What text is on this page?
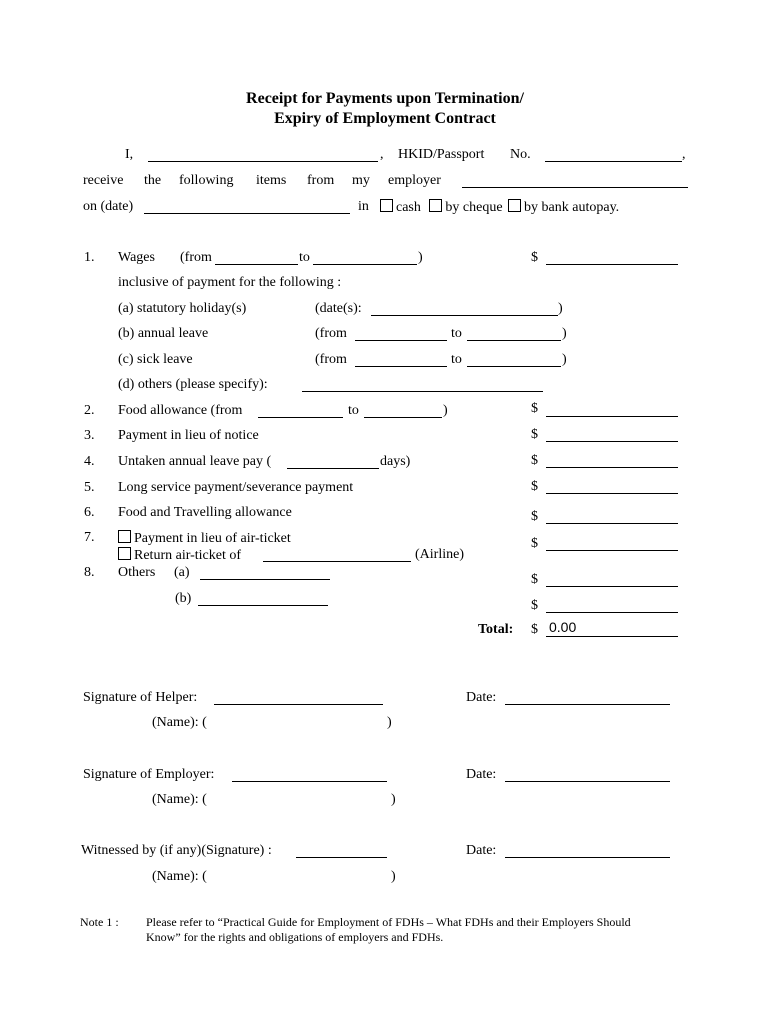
Receipt for Payments upon Termination/
Expiry of Employment Contract
I,	, HKID/Passport No.	,
receive the following items from my employer
on (date)	in	cash by cheque by bank autopay.
1. Wages (from	to	)	$
inclusive of payment for the following :
(a) statutory holiday(s)	(date(s):	)
(b) annual leave	(from	to	)
(c) sick leave	(from	to	)
(d) others (please specify):
2. Food allowance (from	to	)	$
3. Payment in lieu of notice	$
4. Untaken annual leave pay (	days)	$
5. Long service payment/severance payment	$
6. Food and Travelling allowance	$
7.	Payment in lieu of air-ticket
Return air-ticket of	(Airline)
$
8. Others (a)	$
(b)	$
Total: $ 0.00
Signature of Helper:	Date:
(Name): (	)
Signature of Employer:	Date:
(Name): (	)
Witnessed by (if any)(Signature) :	Date:
(Name): (	)
Note 1 : Please refer to “Practical Guide for Employment of FDHs – What FDHs and their Employers Should
Know” for the rights and obligations of employers and FDHs.
